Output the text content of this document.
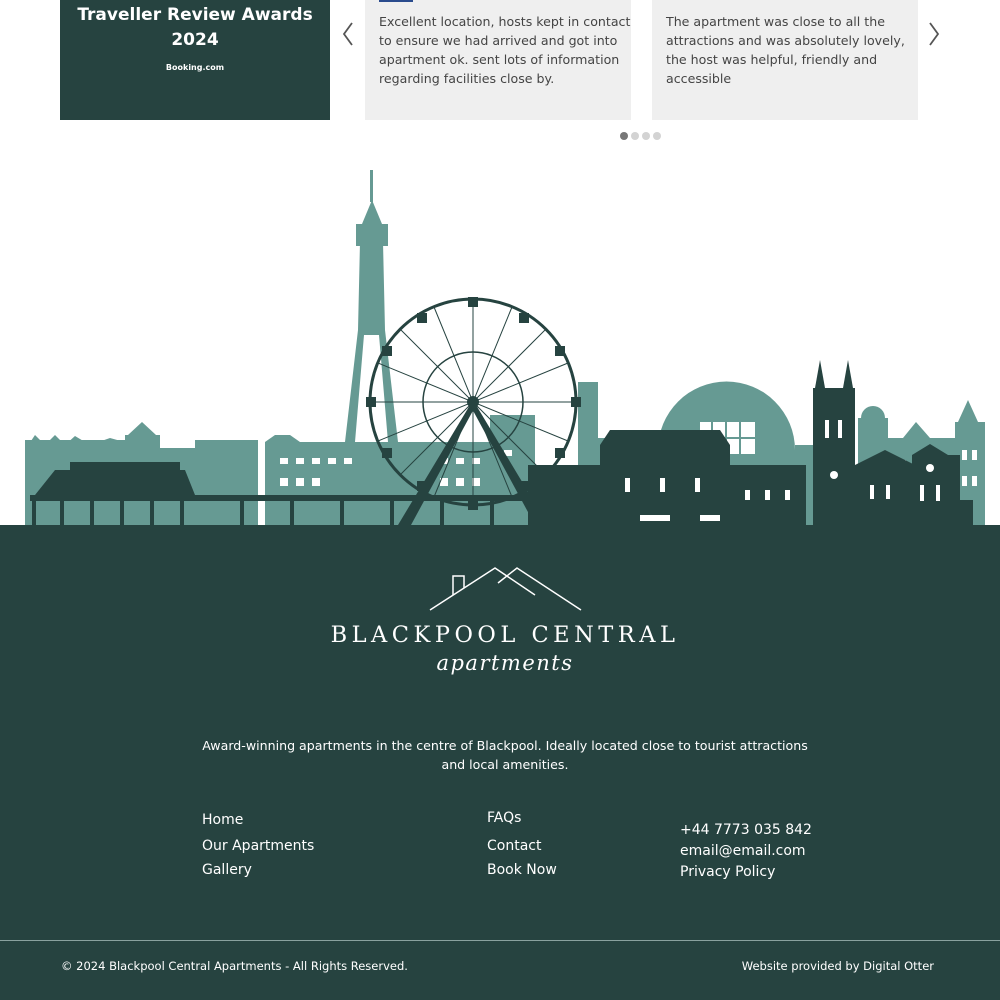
Traveller Review Awards 2024
Booking.com

Excellent location, hosts kept in contact to ensure we had arrived and got into apartment ok. sent lots of information regarding facilities close by.

The apartment was close to all the attractions and was absolutely lovely, the host was helpful, friendly and accessible

BLACKPOOL CENTRAL
apartments
Award-winning apartments in the centre of Blackpool. Ideally located close to tourist attractions and local amenities.
Home
Our Apartments
Gallery
FAQs
Contact
Book Now
+44 7773 035 842
email@email.com
Privacy Policy
© 2024 Blackpool Central Apartments - All Rights Reserved.	Website provided by Digital Otter
